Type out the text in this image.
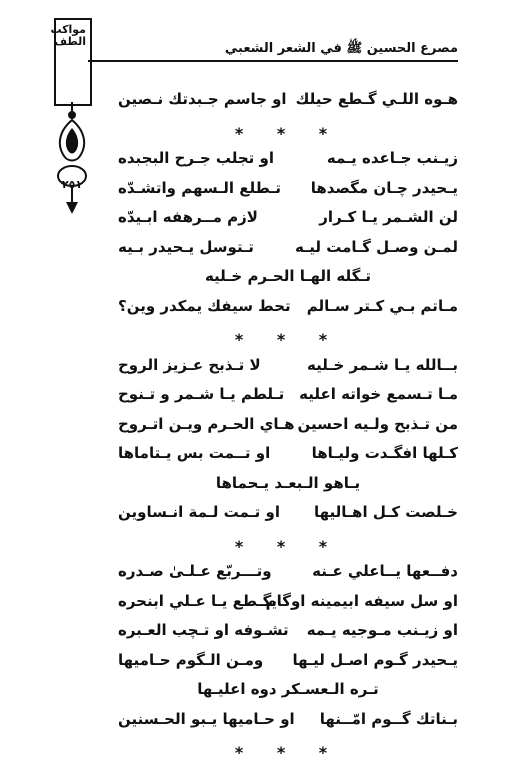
مواكب الطف
٢٥١
مصرع الحسين ﷺ في الشعر الشعبي
هـوه اللـي گـطع حيلك
او جاسم جـبدتك نـصين
* * *
زيـنب جـاعده يـمه
او تجلب جـرح البجبده
يـحيدر چـان مگصدها
تـطلع الـسهم واتشـدّه
لن الشـمر يـا كـرار
لازم مــرهفه ابـيدّه
لمـن وصـل گـامت ليـه
تـتوسل يـحيدر بـيه
تـگله الهـا الحـرم خـليه
مـاتم بـي كـتر سـالم
تحط سيفك يمكدر وين؟
* * *
بــالله يـا شـمر خـليه
لا تـذبح عـزيز الروح
مـا تـسمع خواته اعليه
تـلطم يـا شـمر و تـنوح
من تـذبح ولـيه احسين
هـاي الحـرم ويـن اتـروح
كـلها افگـدت وليـاها
او تــمت بس يـتاماها
يـاهو الـبعـد يـحماها
خـلصت كـل اهـاليها
او تـمت لـمة انـساوين
* * *
دفــعها يــاعلي عـنه
وتـــربّع عـلـىٰ صـدره
او سل سيفه ابيمينه اوگام
يگـطع يـا عـلي ابنحره
او زيـنب مـوجيه يـمه
تشـوفه او تـچب العـبره
يـحيدر گـوم اصـل ليـها
ومـن الـگوم حـاميها
تـره الـعسـكر دوه اعليـها
بـناتك گــوم امّــنها
او حـاميها يـبو الحـسنين
* * *
